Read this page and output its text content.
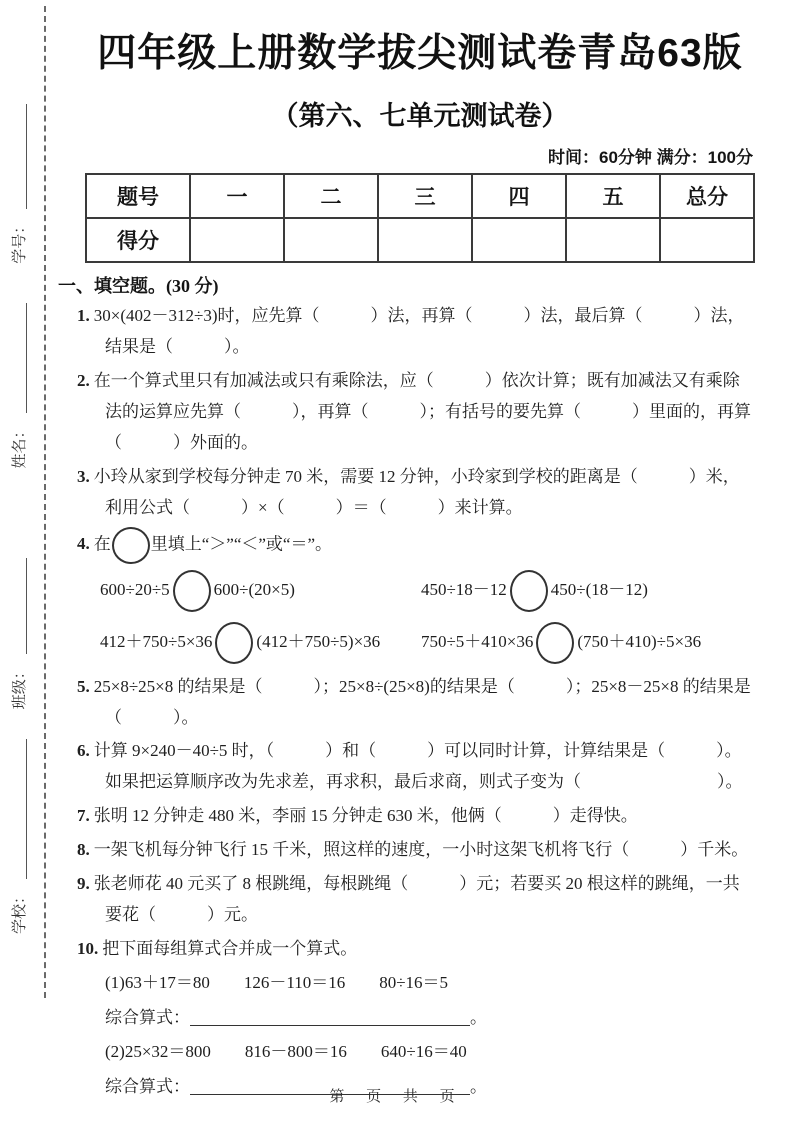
学校： 班级： 姓名： 学号：
四年级上册数学拔尖测试卷青岛63版
（第六、七单元测试卷）
时间：60分钟 满分：100分
题号	一	二	三	四	五	总分
得分						
一、填空题。(30 分)

1. 30×(402－312÷3)时，应先算（　　　）法，再算（　　　）法，最后算（　　　）法，结果是（　　　）。

2. 在一个算式里只有加减法或只有乘除法，应（　　　）依次计算；既有加减法又有乘除法的运算应先算（　　　），再算（　　　）；有括号的要先算（　　　）里面的，再算（　　　）外面的。

3. 小玲从家到学校每分钟走 70 米，需要 12 分钟，小玲家到学校的距离是（　　　）米，利用公式（　　　）×（　　　）＝（　　　）来计算。

4. 在 里填上“＞”“＜”或“＝”。

600÷20÷5	600÷(20×5)	450÷18－12	450÷(18－12)
412＋750÷5×36	(412＋750÷5)×36	750÷5＋410×36	(750＋410)÷5×36

5. 25×8÷25×8 的结果是（　　　）；25×8÷(25×8)的结果是（　　　）；25×8－25×8 的结果是（　　　）。

6. 计算 9×240－40÷5 时，（　　　）和（　　　）可以同时计算，计算结果是（　　　）。如果把运算顺序改为先求差，再求积，最后求商，则式子变为（　　　　　　　　）。

7. 张明 12 分钟走 480 米，李丽 15 分钟走 630 米，他俩（　　　）走得快。

8. 一架飞机每分钟飞行 15 千米，照这样的速度，一小时这架飞机将飞行（　　　）千米。

9. 张老师花 40 元买了 8 根跳绳，每根跳绳（　　　）元；若要买 20 根这样的跳绳，一共要花（　　　）元。

10. 把下面每组算式合并成一个算式。

(1)63＋17＝80　　126－110＝16　　80÷16＝5
综合算式：	。
(2)25×32＝800　　816－800＝16　　640÷16＝40
综合算式：	。
第 页 共 页
